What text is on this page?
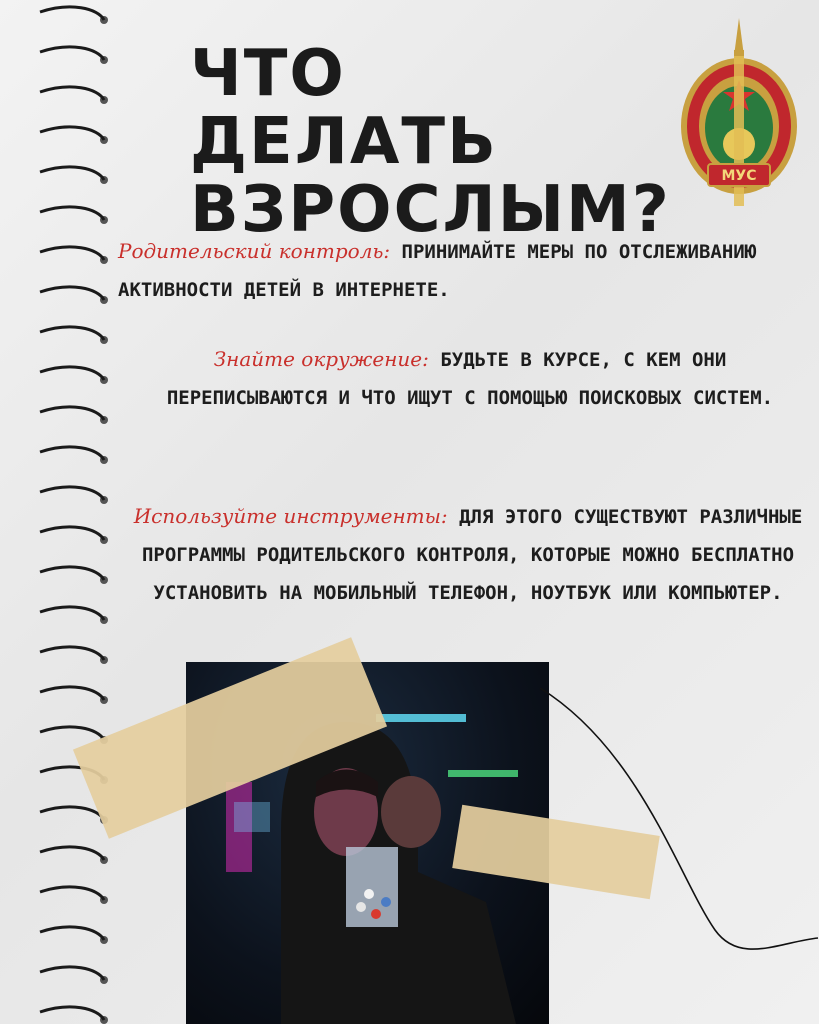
ЧТО ДЕЛАТЬ
ВЗРОСЛЫМ?	МУС
Родительский контроль: ПРИНИМАЙТЕ МЕРЫ ПО ОТСЛЕЖИВАНИЮ АКТИВНОСТИ ДЕТЕЙ В ИНТЕРНЕТЕ.
Знайте окружение: БУДЬТЕ В КУРСЕ, С КЕМ ОНИ ПЕРЕПИСЫВАЮТСЯ И ЧТО ИЩУТ С ПОМОЩЬЮ ПОИСКОВЫХ СИСТЕМ.
Используйте инструменты: ДЛЯ ЭТОГО СУЩЕСТВУЮТ РАЗЛИЧНЫЕ ПРОГРАММЫ РОДИТЕЛЬСКОГО КОНТРОЛЯ, КОТОРЫЕ МОЖНО БЕСПЛАТНО УСТАНОВИТЬ НА МОБИЛЬНЫЙ ТЕЛЕФОН, НОУТБУК ИЛИ КОМПЬЮТЕР.
